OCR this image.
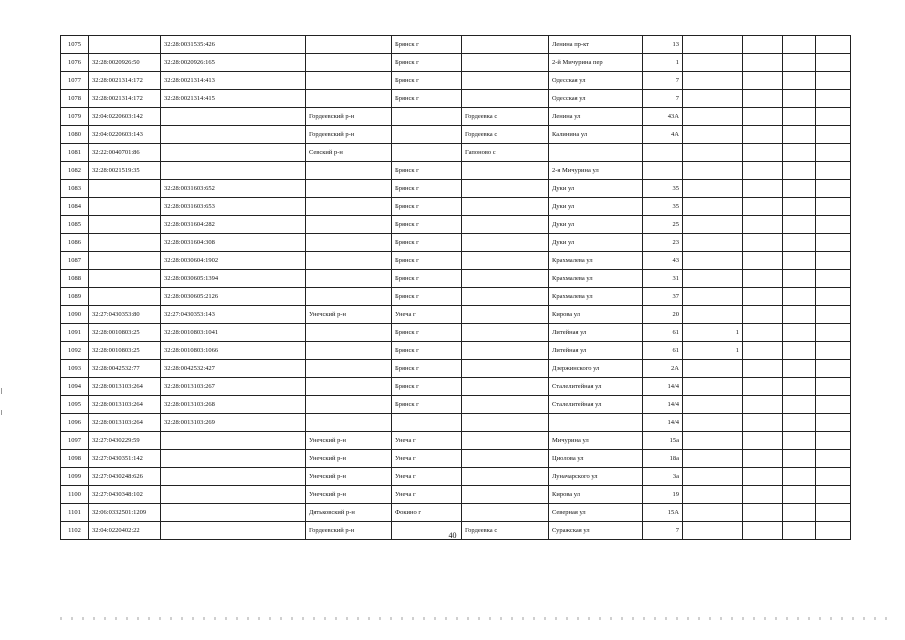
1075		32:28:0031535:426		Брянск г		Ленина пр-кт	13				
1076	32:28:0020926:50	32:28:0020926:165		Брянск г		2-й Мичурина пер	1				
1077	32:28:0021314:172	32:28:0021314:413		Брянск г		Одесская ул	7				
1078	32:28:0021314:172	32:28:0021314:415		Брянск г		Одесская ул	7				
1079	32:04:0220603:142		Гордеевский р-н		Гордеевка с	Ленина ул	43А				
1080	32:04:0220603:143		Гордеевский р-н		Гордеевка с	Калинина ул	4А				
1081	32:22:0040701:86		Севский р-н		Гапоново с						
1082	32:28:0021519:35			Брянск г		2-я Мичурина ул					
1083		32:28:0031603:652		Брянск г		Дуки ул	35				
1084		32:28:0031603:653		Брянск г		Дуки ул	35				
1085		32:28:0031604:282		Брянск г		Дуки ул	25				
1086		32:28:0031604:308		Брянск г		Дуки ул	23				
1087		32:28:0030604:1902		Брянск г		Крахмалева ул	43				
1088		32:28:0030605:1394		Брянск г		Крахмалева ул	31				
1089		32:28:0030605:2126		Брянск г		Крахмалева ул	37				
1090	32:27:0430353:80	32:27:0430353:143	Унечский р-н	Унеча г		Кирова ул	20				
1091	32:28:0010803:25	32:28:0010803:1041		Брянск г		Литейная ул	61	1			
1092	32:28:0010803:25	32:28:0010803:1066		Брянск г		Литейная ул	61	1			
1093	32:28:0042532:77	32:28:0042532:427		Брянск г		Дзержинского ул	2А				
1094	32:28:0013103:264	32:28:0013103:267		Брянск г		Сталелитейная ул	14/4				
1095	32:28:0013103:264	32:28:0013103:268		Брянск г		Сталелитейная ул	14/4				
1096	32:28:0013103:264	32:28:0013103:269					14/4				
1097	32:27:0430229:59		Унечский р-н	Унеча г		Мичурина ул	15а				
1098	32:27:0430351:142		Унечский р-н	Унеча г		Циолова ул	18а				
1099	32:27:0430248:626		Унечский р-н	Унеча г		Луначарского ул	3а				
1100	32:27:0430348:102		Унечский р-н	Унеча г		Кирова ул	19				
1101	32:06:0332501:1209		Дятьковский р-н	Фокино г		Северная ул	15А				
1102	32:04:0220402:22		Гордеевский р-н		Гордеевка с	Суражская ул	7				
40
